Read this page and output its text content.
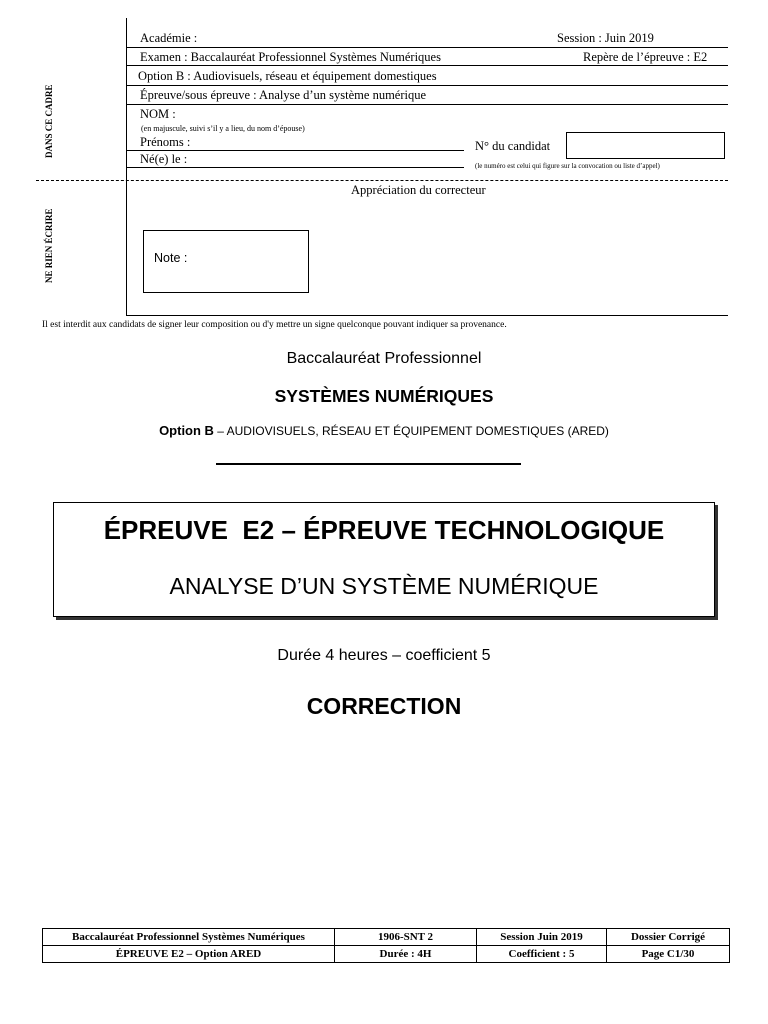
Académie :	Session : Juin 2019
Examen : Baccalauréat Professionnel Systèmes Numériques	Repère de l’épreuve : E2
Option B : Audiovisuels, réseau et équipement domestiques
Épreuve/sous épreuve : Analyse d’un système numérique
NOM :
(en majuscule, suivi s’il y a lieu, du nom d’épouse)
Prénoms :
Né(e) le :
N° du candidat
(le numéro est celui qui figure sur la convocation ou liste d’appel)
DANS CE CADRE
NE RIEN ÉCRIRE
Appréciation du correcteur
Note :
Il est interdit aux candidats de signer leur composition ou d'y mettre un signe quelconque pouvant indiquer sa provenance.
Baccalauréat Professionnel
SYSTÈMES NUMÉRIQUES
Option B – AUDIOVISUELS, RÉSEAU ET ÉQUIPEMENT DOMESTIQUES (ARED)
ÉPREUVE  E2 – ÉPREUVE TECHNOLOGIQUE
ANALYSE D’UN SYSTÈME NUMÉRIQUE
Durée 4 heures – coefficient 5
CORRECTION
Baccalauréat Professionnel Systèmes Numériques	1906-SNT 2	Session Juin 2019	Dossier Corrigé
ÉPREUVE E2 – Option ARED	Durée : 4H	Coefficient : 5	Page C1/30
